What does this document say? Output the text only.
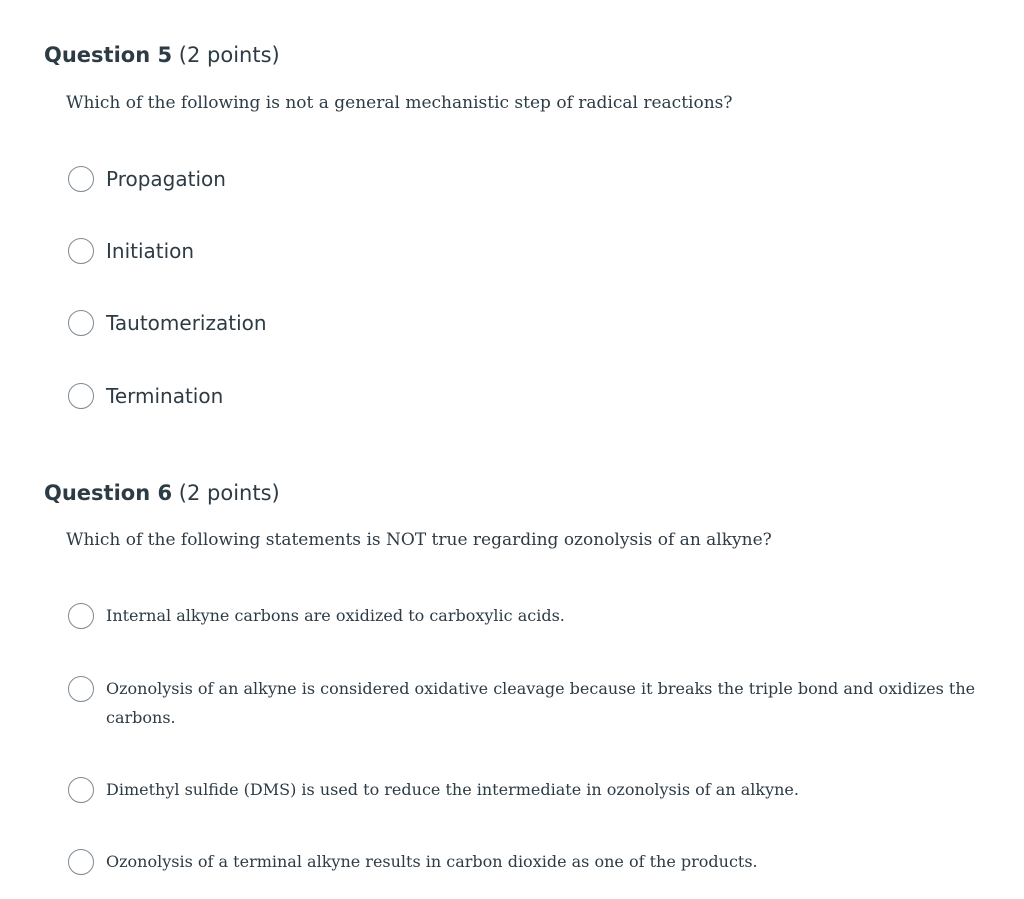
Question 5 (2 points)
Which of the following is not a general mechanistic step of radical reactions?
Propagation
Initiation
Tautomerization
Termination
Question 6 (2 points)
Which of the following statements is NOT true regarding ozonolysis of an alkyne?
Internal alkyne carbons are oxidized to carboxylic acids.
Ozonolysis of an alkyne is considered oxidative cleavage because it breaks the triple bond and oxidizes the carbons.
Dimethyl sulfide (DMS) is used to reduce the intermediate in ozonolysis of an alkyne.
Ozonolysis of a terminal alkyne results in carbon dioxide as one of the products.
